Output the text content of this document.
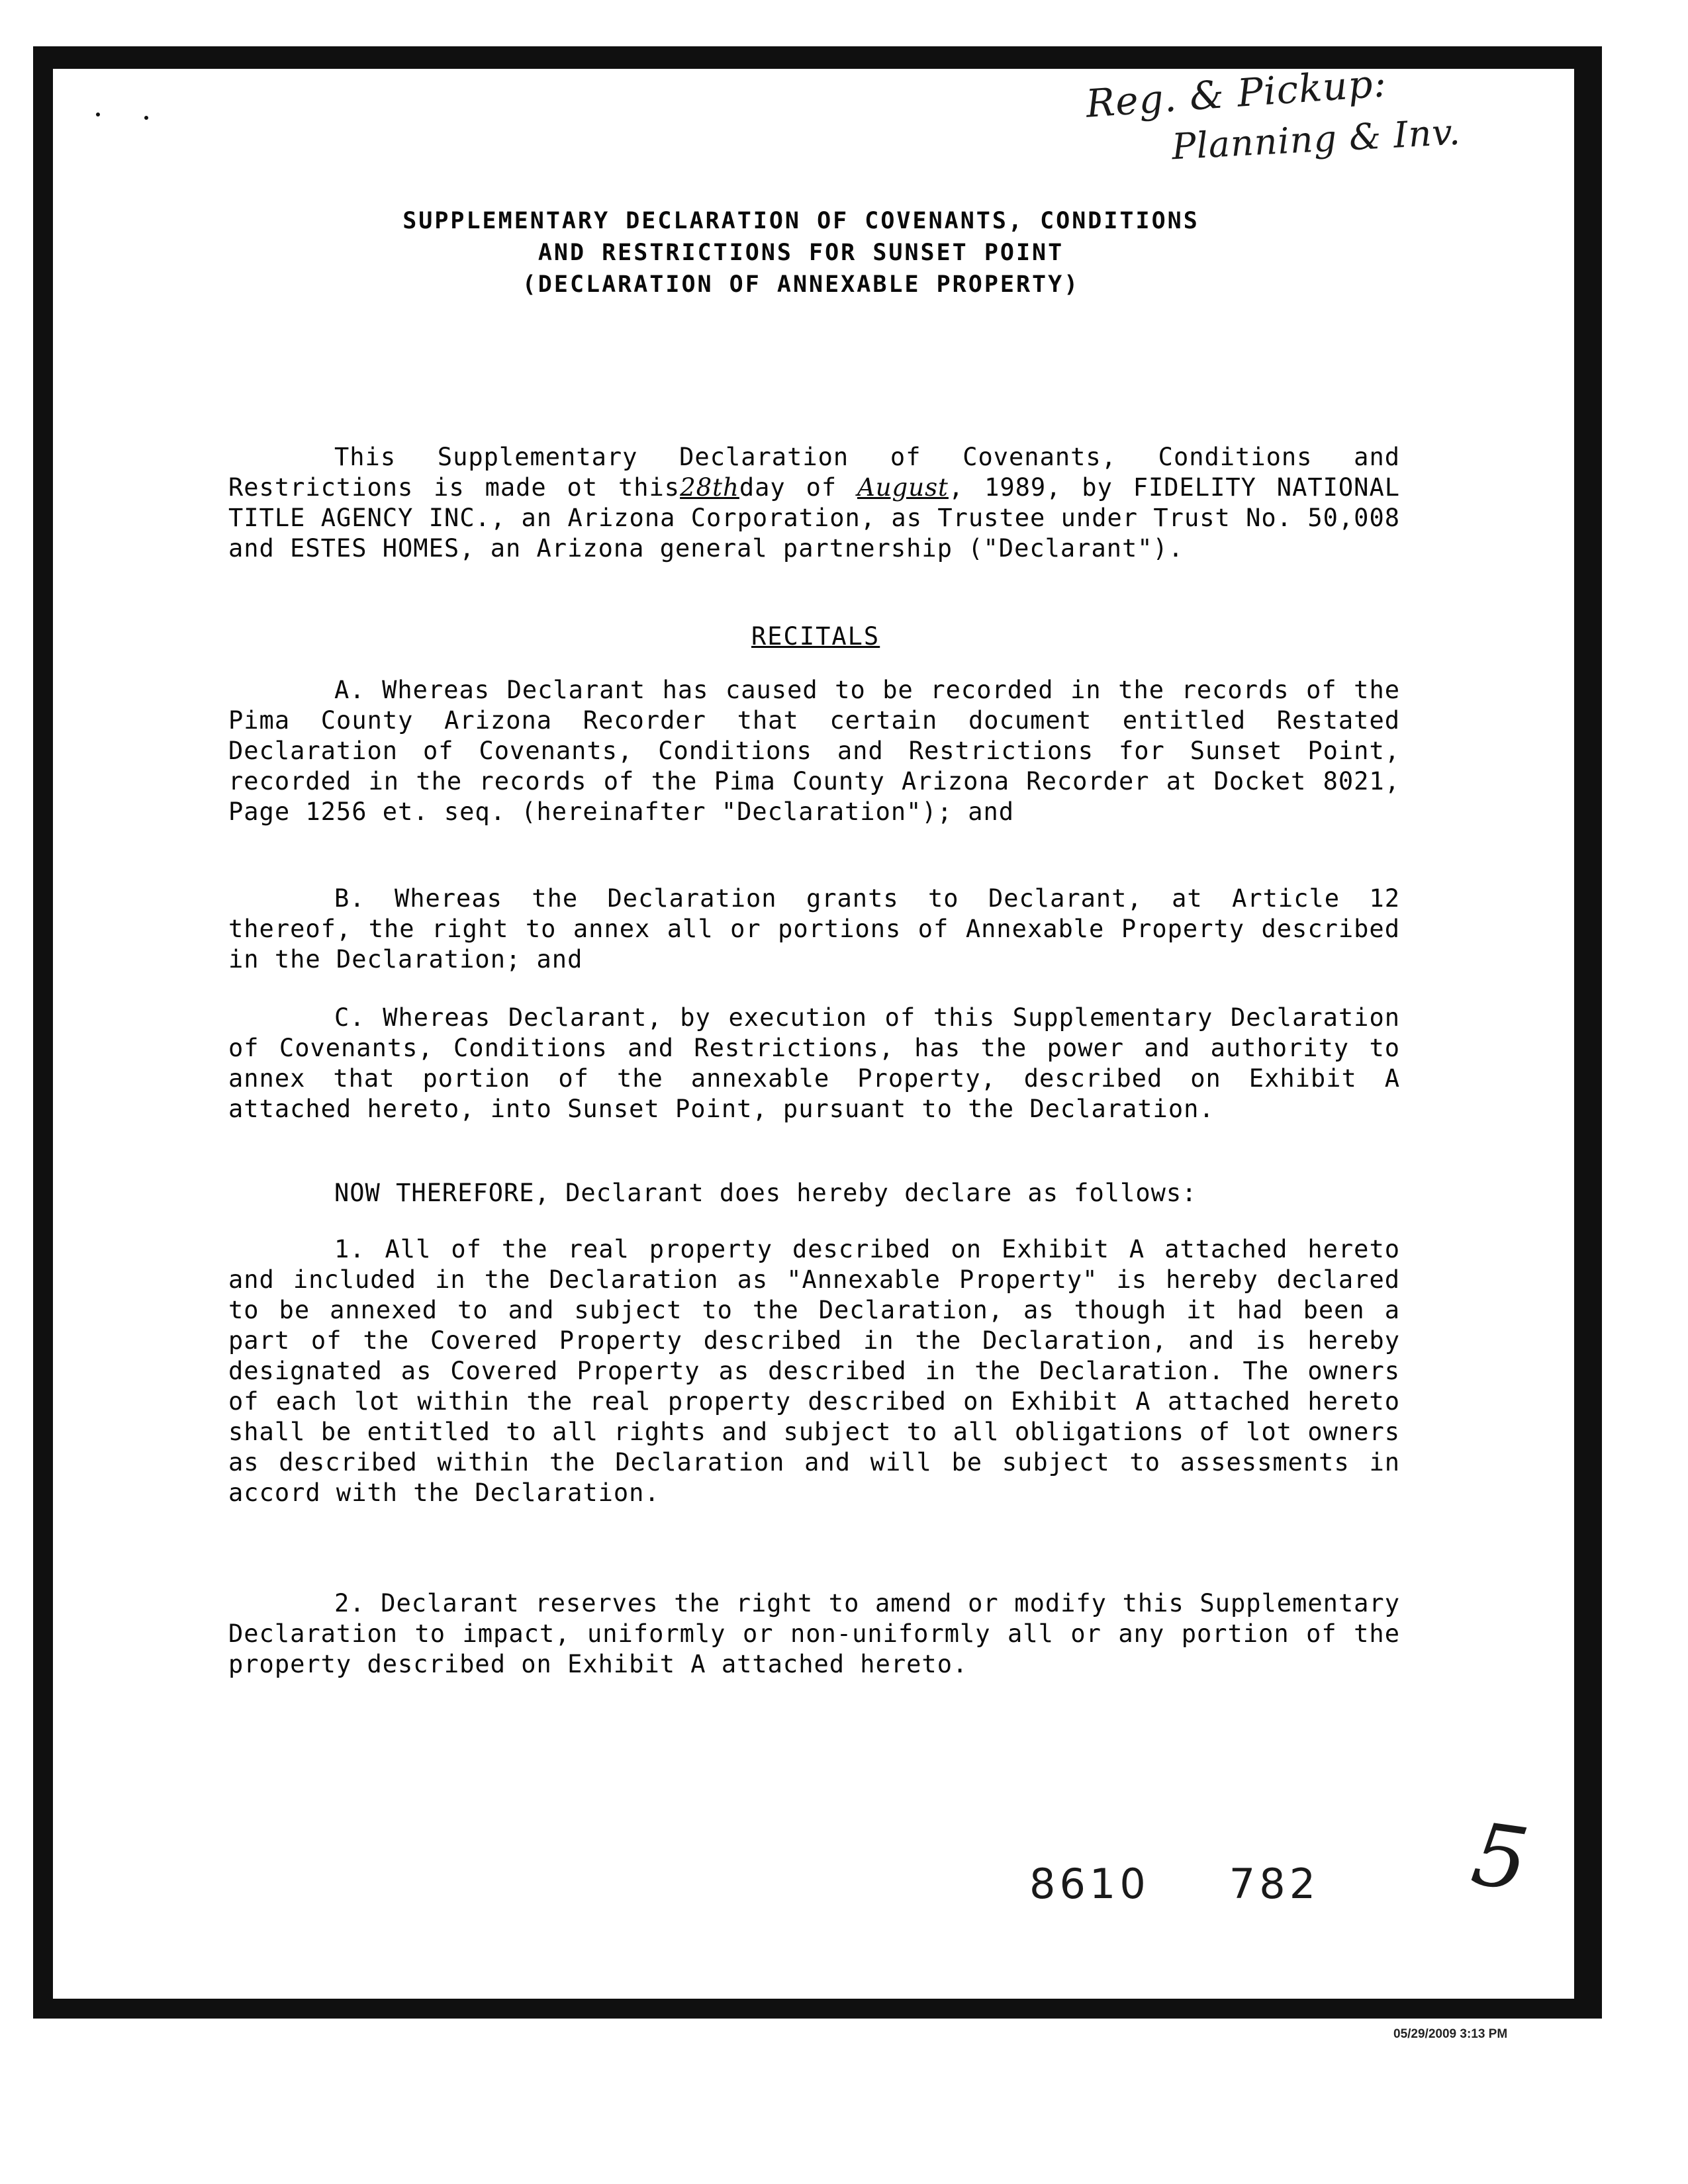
Reg. & Pickup:
Planning & Inv.
SUPPLEMENTARY DECLARATION OF COVENANTS, CONDITIONS
AND RESTRICTIONS FOR SUNSET POINT
(DECLARATION OF ANNEXABLE PROPERTY)
This Supplementary Declaration of Covenants, Conditions and Restrictions is made ot this28thday of August, 1989, by FIDELITY NATIONAL TITLE AGENCY INC., an Arizona Corporation, as Trustee under Trust No. 50,008 and ESTES HOMES, an Arizona general partnership ("Declarant").
RECITALS
A. Whereas Declarant has caused to be recorded in the records of the Pima County Arizona Recorder that certain document entitled Restated Declaration of Covenants, Conditions and Restrictions for Sunset Point, recorded in the records of the Pima County Arizona Recorder at Docket 8021, Page 1256 et. seq. (hereinafter "Declaration"); and
B. Whereas the Declaration grants to Declarant, at Article 12 thereof, the right to annex all or portions of Annexable Property described in the Declaration; and
C. Whereas Declarant, by execution of this Supplementary Declaration of Covenants, Conditions and Restrictions, has the power and authority to annex that portion of the annexable Property, described on Exhibit A attached hereto, into Sunset Point, pursuant to the Declaration.
NOW THEREFORE, Declarant does hereby declare as follows:
1. All of the real property described on Exhibit A attached hereto and included in the Declaration as "Annexable Property" is hereby declared to be annexed to and subject to the Declaration, as though it had been a part of the Covered Property described in the Declaration, and is hereby designated as Covered Property as described in the Declaration. The owners of each lot within the real property described on Exhibit A attached hereto shall be entitled to all rights and subject to all obligations of lot owners as described within the Declaration and will be subject to assessments in accord with the Declaration.
2. Declarant reserves the right to amend or modify this Supplementary Declaration to impact, uniformly or non-uniformly all or any portion of the property described on Exhibit A attached hereto.
8610 782 5
05/29/2009 3:13 PM
